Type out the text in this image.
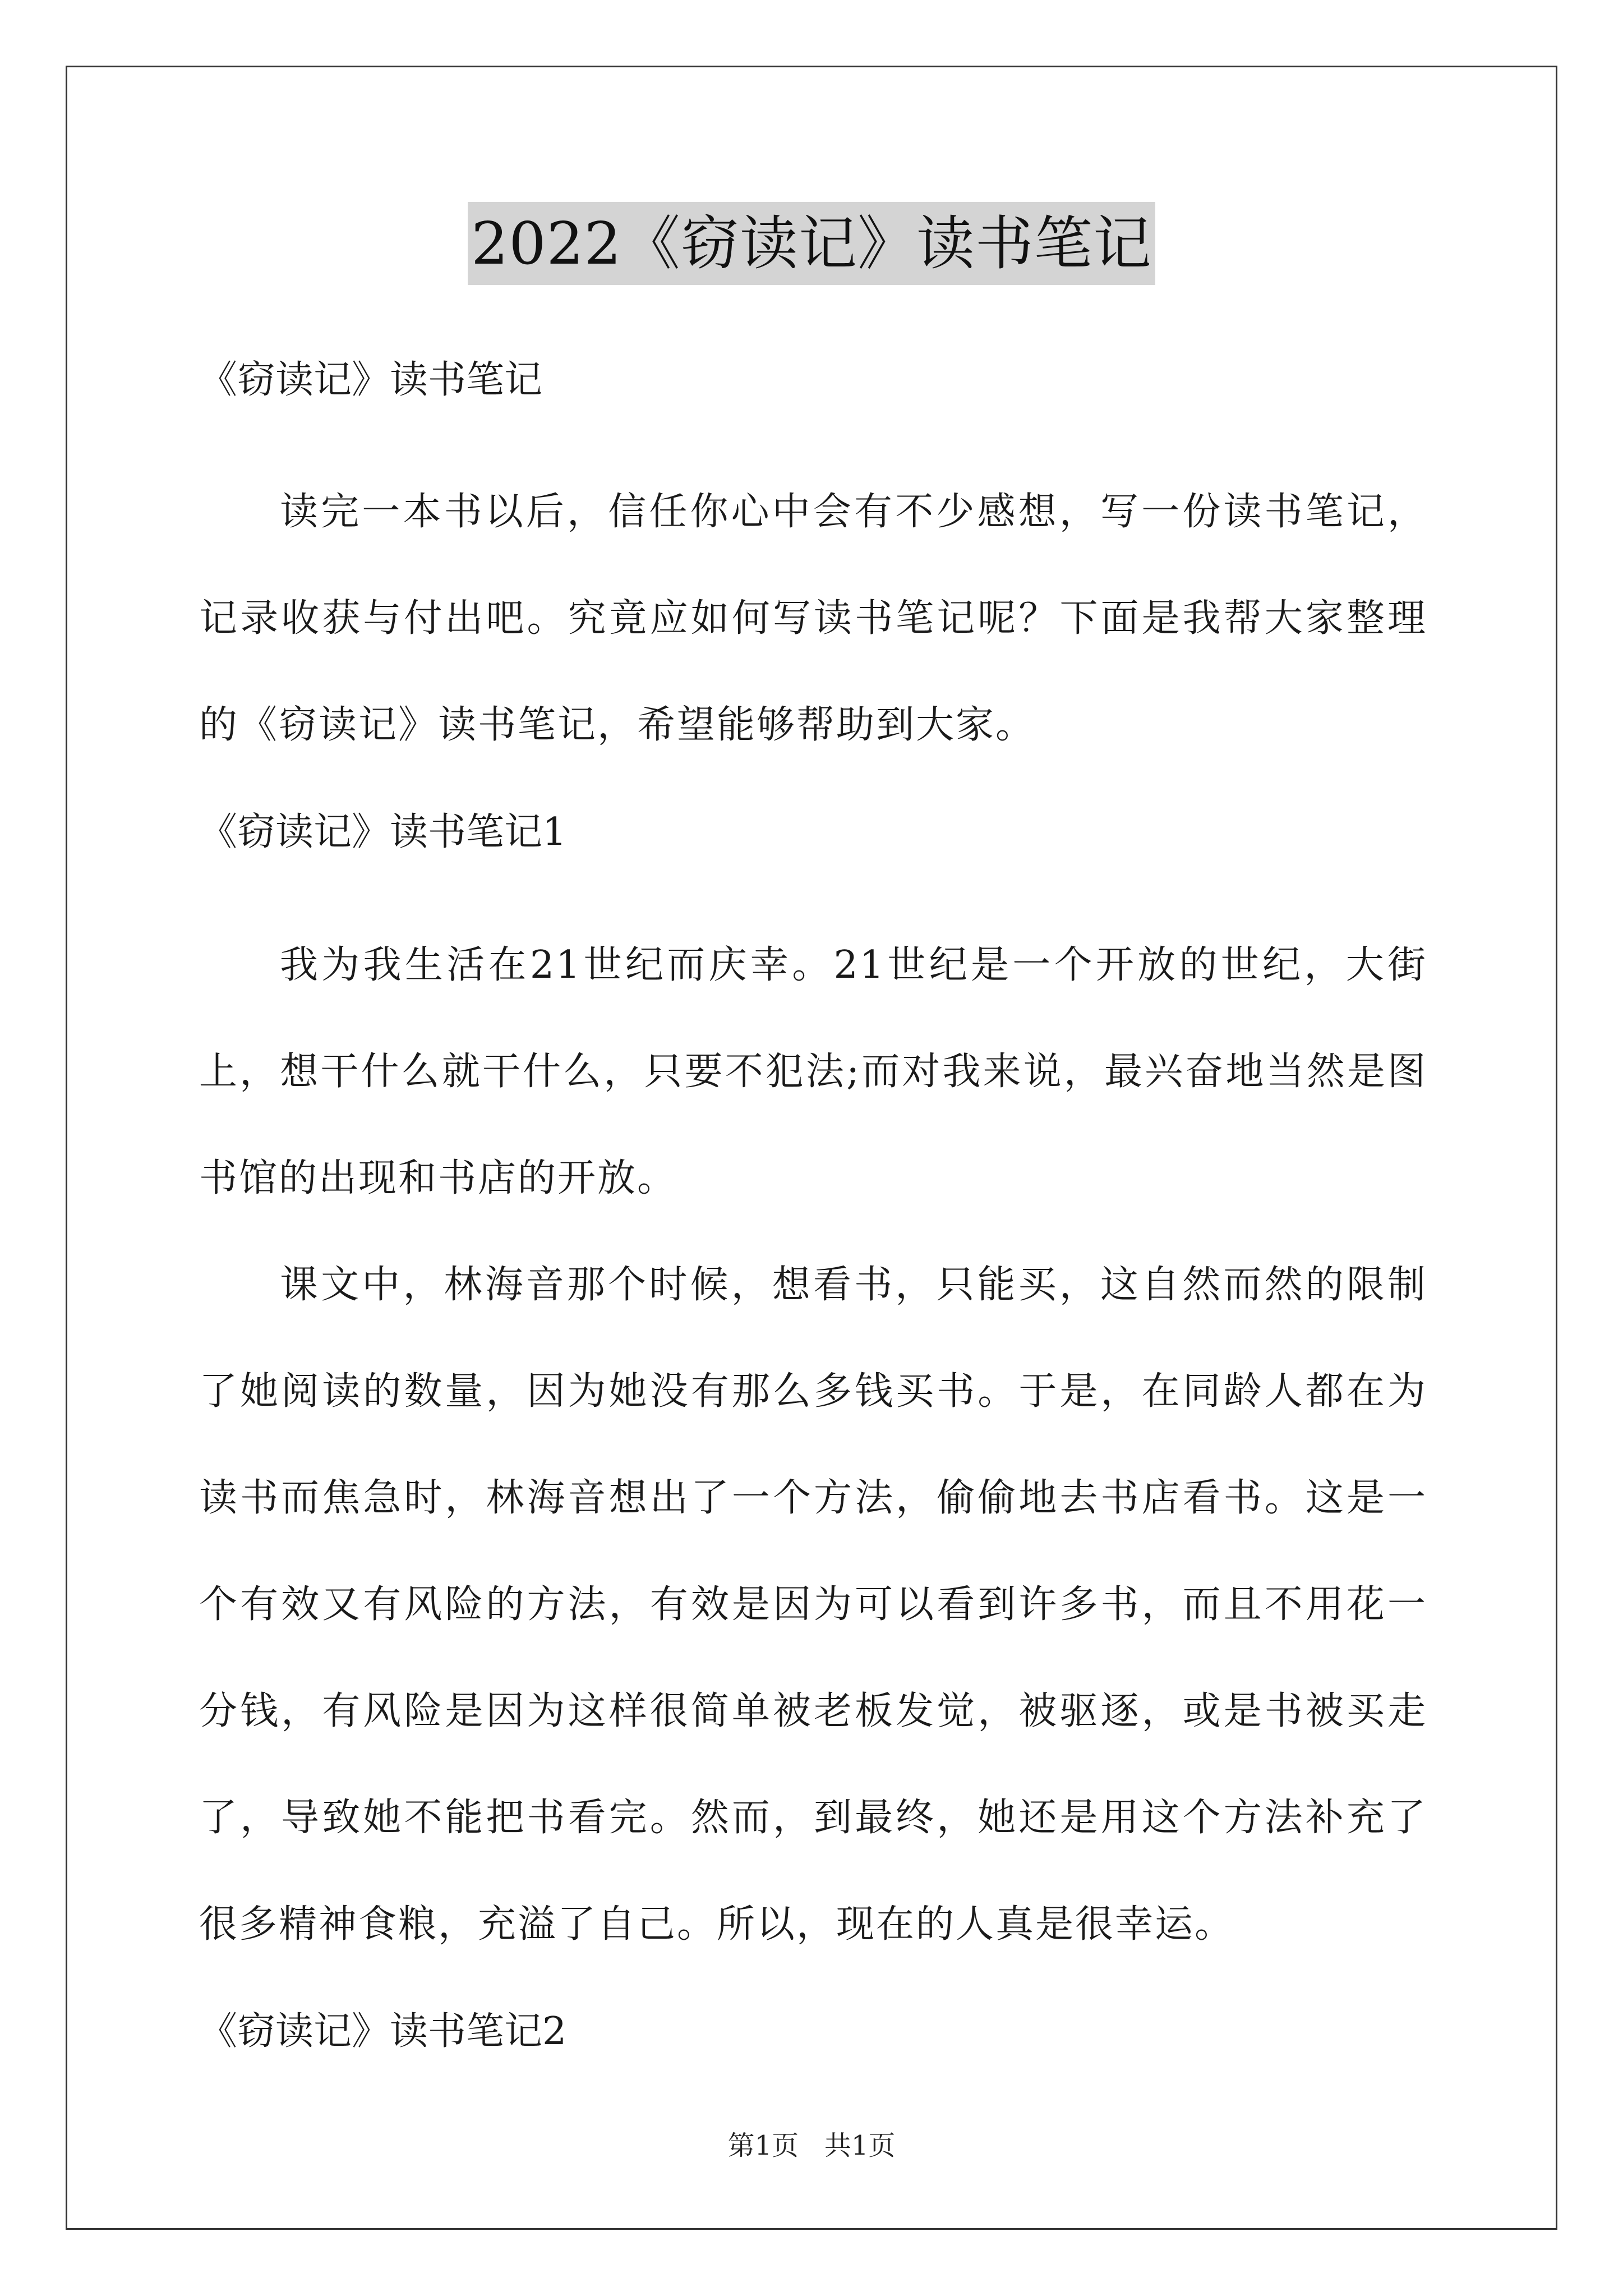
2022《窃读记》读书笔记

《窃读记》读书笔记

读完一本书以后，信任你心中会有不少感想，写一份读书笔记，记录收获与付出吧。究竟应如何写读书笔记呢？下面是我帮大家整理的《窃读记》读书笔记，希望能够帮助到大家。

《窃读记》读书笔记1

我为我生活在21世纪而庆幸。21世纪是一个开放的世纪，大街上，想干什么就干什么，只要不犯法;而对我来说，最兴奋地当然是图书馆的出现和书店的开放。

课文中，林海音那个时候，想看书，只能买，这自然而然的限制了她阅读的数量，因为她没有那么多钱买书。于是，在同龄人都在为读书而焦急时，林海音想出了一个方法，偷偷地去书店看书。这是一个有效又有风险的方法，有效是因为可以看到许多书，而且不用花一分钱，有风险是因为这样很简单被老板发觉，被驱逐，或是书被买走了，导致她不能把书看完。然而，到最终，她还是用这个方法补充了很多精神食粮，充溢了自己。所以，现在的人真是很幸运。

《窃读记》读书笔记2

第1页   共1页
